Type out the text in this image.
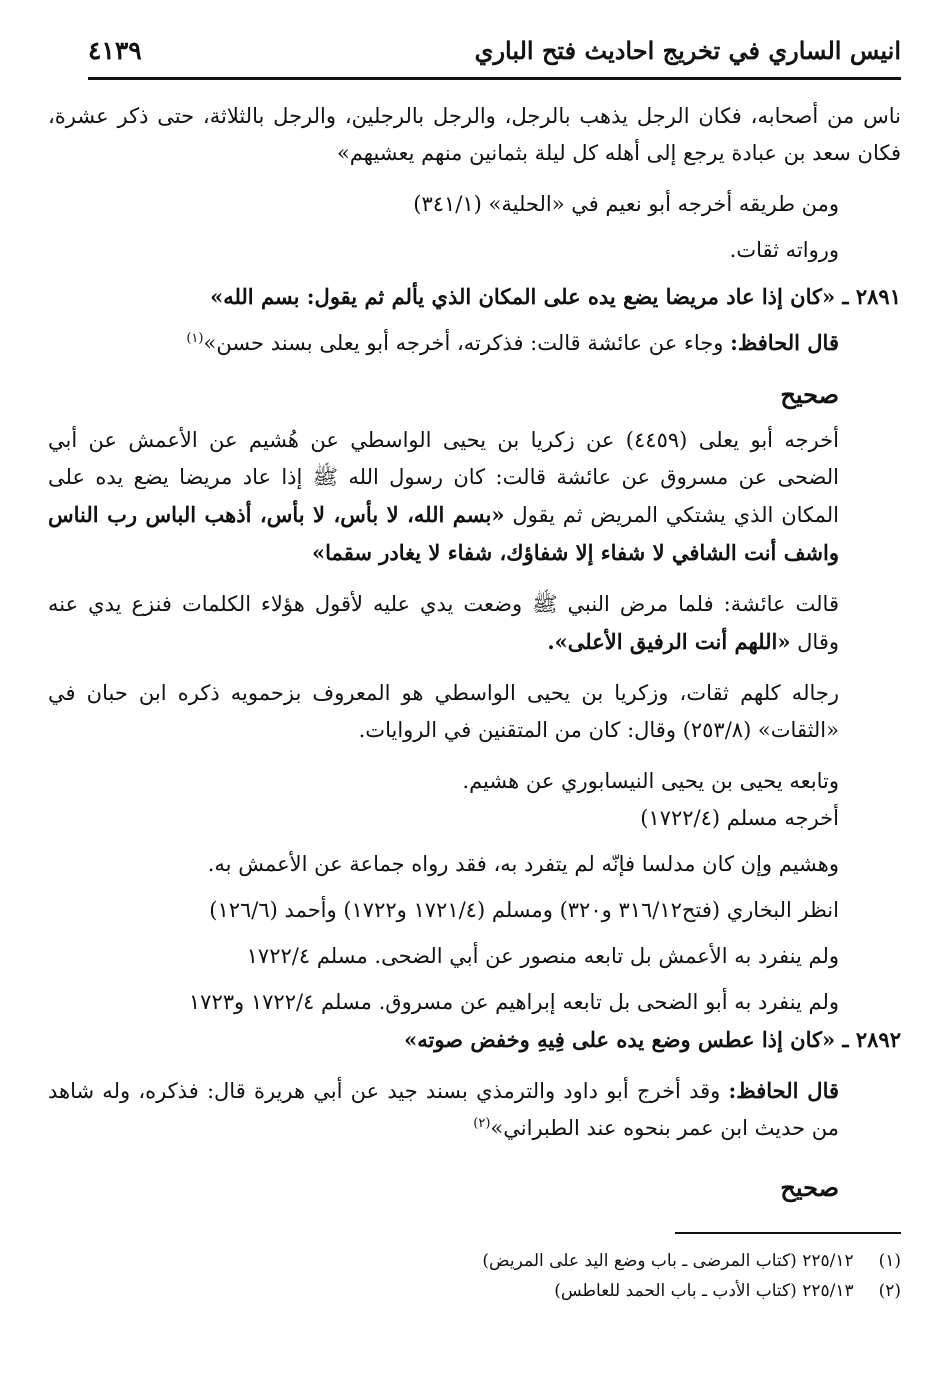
انيس الساري في تخريج احاديث فتح الباري
٤١٣٩

ناس من أصحابه، فكان الرجل يذهب بالرجل، والرجل بالرجلين، والرجل بالثلاثة، حتى ذكر عشرة، فكان سعد بن عبادة يرجع إلى أهله كل ليلة بثمانين منهم يعشيهم»

ومن طريقه أخرجه أبو نعيم في «الحلية» (٣٤١/١)

ورواته ثقات.

٢٨٩١ ـ «كان إذا عاد مريضا يضع يده على المكان الذي يألم ثم يقول: بسم الله»

قال الحافظ: وجاء عن عائشة قالت: فذكرته، أخرجه أبو يعلى بسند حسن»$^{(١)}$

صحيح

أخرجه أبو يعلى (٤٤٥٩) عن زكريا بن يحيى الواسطي عن هُشيم عن الأعمش عن أبي الضحى عن مسروق عن عائشة قالت: كان رسول الله ﷺ إذا عاد مريضا يضع يده على المكان الذي يشتكي المريض ثم يقول «بسم الله، لا بأس، لا بأس، أذهب الباس رب الناس واشف أنت الشافي لا شفاء إلا شفاؤك، شفاء لا يغادر سقما»

قالت عائشة: فلما مرض النبي ﷺ وضعت يدي عليه لأقول هؤلاء الكلمات فنزع يدي عنه وقال «اللهم أنت الرفيق الأعلى».

رجاله كلهم ثقات، وزكريا بن يحيى الواسطي هو المعروف بزحمويه ذكره ابن حبان في «الثقات» (٢٥٣/٨) وقال: كان من المتقنين في الروايات.

وتابعه يحيى بن يحيى النيسابوري عن هشيم.

أخرجه مسلم (١٧٢٢/٤)

وهشيم وإن كان مدلسا فإنّه لم يتفرد به، فقد رواه جماعة عن الأعمش به.

انظر البخاري (فتح٣١٦/١٢ و٣٢٠) ومسلم (١٧٢١/٤ و١٧٢٢) وأحمد (١٢٦/٦)

ولم ينفرد به الأعمش بل تابعه منصور عن أبي الضحى. مسلم ١٧٢٢/٤

ولم ينفرد به أبو الضحى بل تابعه إبراهيم عن مسروق. مسلم ١٧٢٢/٤ و١٧٢٣

٢٨٩٢ ـ «كان إذا عطس وضع يده على فِيهِ وخفض صوته»

قال الحافظ: وقد أخرج أبو داود والترمذي بسند جيد عن أبي هريرة قال: فذكره، وله شاهد من حديث ابن عمر بنحوه عند الطبراني»$^{(٢)}$

صحيح

(١) ٢٢٥/١٢ (كتاب المرضى ـ باب وضع اليد على المريض)
(٢) ٢٢٥/١٣ (كتاب الأدب ـ باب الحمد للعاطس)
